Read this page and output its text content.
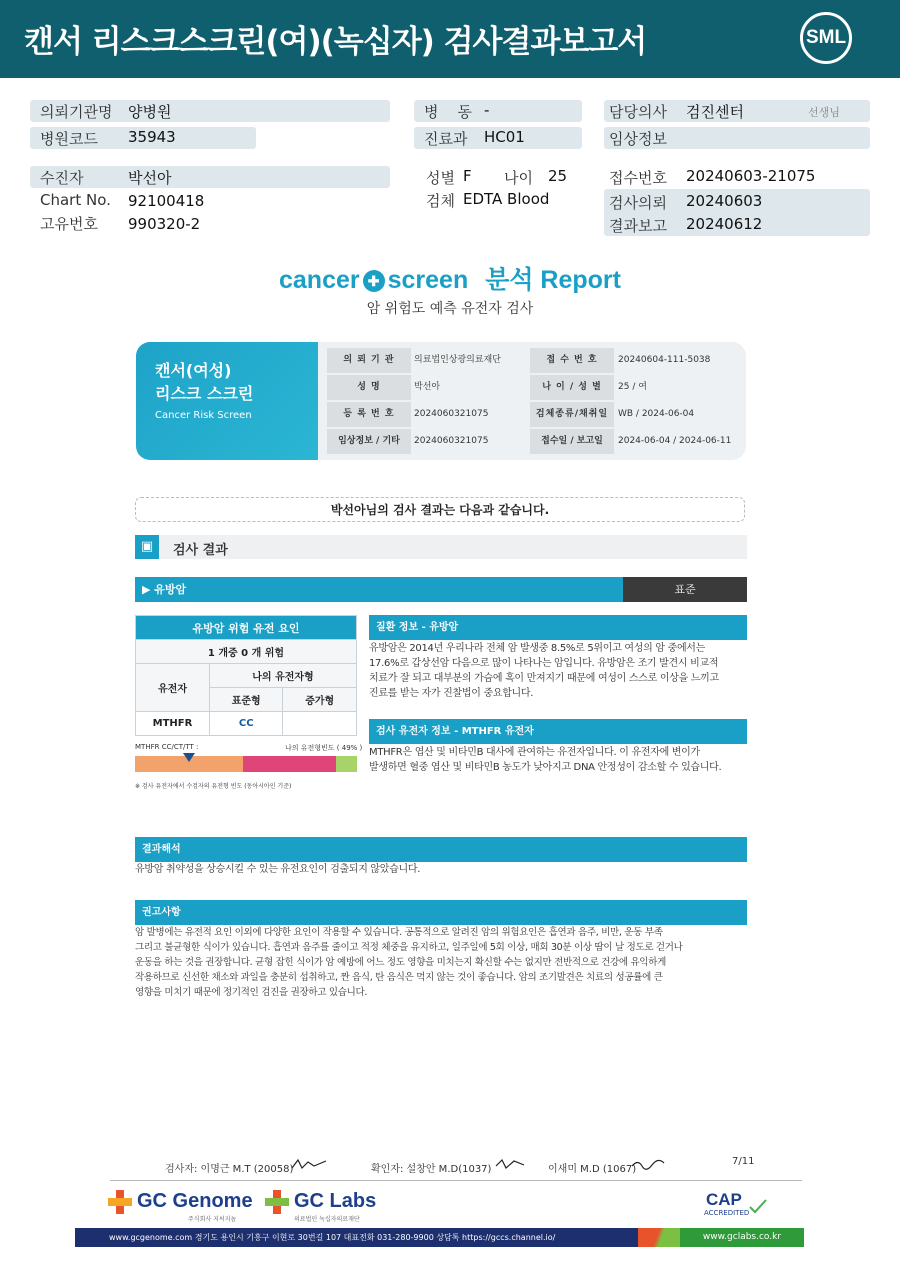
캔서 리스크스크린(여)(녹십자) 검사결과보고서	SML
의뢰기관명 양병원
병원코드 35943
병    동 -
진료과 HC01
담당의사 검진센터	선생님
임상정보
수진자	박선아
Chart No. 92100418
고유번호 990320-2
성별 F 나이 25
검체 EDTA Blood
접수번호 20240603-21075
검사의뢰 20240603
결과보고 20240612
cancer ✚ screen 분석 Report
암 위험도 예측 유전자 검사
캔서(여성)
리스크 스크린
Cancer Risk Screen
의 뢰 기 관	의료법인상광의료재단	접 수 번 호	20240604-111-5038
성 명	박선아	나 이 / 성 별	25 / 여
등 록 번 호	2024060321075	검체종류/채취일	WB / 2024-06-04
임상정보 / 기타	2024060321075	접수일 / 보고일	2024-06-04 / 2024-06-11
박선아님의 검사 결과는 다음과 같습니다.
▣	검사 결과
▶ 유방암	표준
유방암 위험 유전 요인		
1 개중 0 개 위험		
유전자	나의 유전자형	
	표준형	증가형
MTHFR	CC	
MTHFR CC/CT/TT :	나의 유전형빈도 ( 49% )
※ 검사 유전자에서 수검자의 유전형 빈도 (동아시아인 기준)
질환 정보 - 유방암
유방암은 2014년 우리나라 전체 암 발생중 8.5%로 5위이고 여성의 암 중에서는
17.6%로 갑상선암 다음으로 많이 나타나는 암입니다. 유방암은 조기 발견시 비교적
치료가 잘 되고 대부분의 가슴에 혹이 만져지기 때문에 여성이 스스로 이상을 느끼고
진료를 받는 자가 진찰법이 중요합니다.
검사 유전자 정보 - MTHFR 유전자
MTHFR은 엽산 및 비타민B 대사에 관여하는 유전자입니다. 이 유전자에 변이가
발생하면 혈중 엽산 및 비타민B 농도가 낮아지고 DNA 안정성이 감소할 수 있습니다.
결과해석
유방암 취약성을 상승시킬 수 있는 유전요인이 검출되지 않았습니다.
권고사항
암 발병에는 유전적 요인 이외에 다양한 요인이 작용할 수 있습니다. 공통적으로 알려진 암의 위험요인은 흡연과 음주, 비만, 운동 부족
그리고 불균형한 식이가 있습니다. 흡연과 음주를 줄이고 적정 체중을 유지하고, 일주일에 5회 이상, 매회 30분 이상 땀이 날 정도로 걷거나
운동을 하는 것을 권장합니다. 균형 잡힌 식이가 암 예방에 어느 정도 영향을 미치는지 확신할 수는 없지만 전반적으로 건강에 유익하게
작용하므로 신선한 채소와 과일을 충분히 섭취하고, 짠 음식, 탄 음식은 먹지 않는 것이 좋습니다. 암의 조기발견은 치료의 성공률에 큰
영향을 미치기 때문에 정기적인 검진을 권장하고 있습니다.
검사자: 이명근 M.T (20058)	확인자: 설창안 M.D(1037)	이새미 M.D (1067)
7/11
GC Genome
주식회사 지씨지놈
GC Labs
의료법인 녹십자의료재단
CAP
ACCREDITED
www.gcgenome.com 경기도 용인시 기흥구 이현로 30번길 107 대표전화 031-280-9900 상담톡 https://gccs.channel.io/	www.gclabs.co.kr
